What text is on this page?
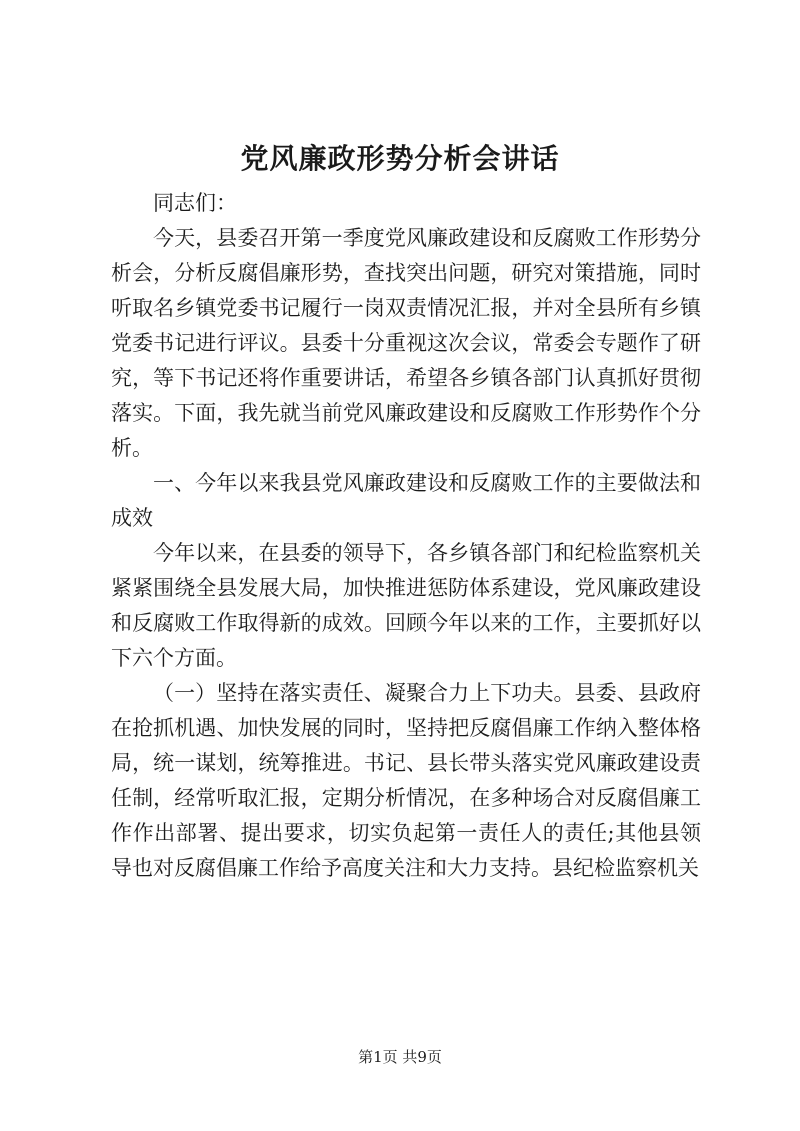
党风廉政形势分析会讲话

同志们：

今天，县委召开第一季度党风廉政建设和反腐败工作形势分析会，分析反腐倡廉形势，查找突出问题，研究对策措施，同时听取名乡镇党委书记履行一岗双责情况汇报，并对全县所有乡镇党委书记进行评议。县委十分重视这次会议，常委会专题作了研究，等下书记还将作重要讲话，希望各乡镇各部门认真抓好贯彻落实。下面，我先就当前党风廉政建设和反腐败工作形势作个分析。

一、今年以来我县党风廉政建设和反腐败工作的主要做法和成效

今年以来，在县委的领导下，各乡镇各部门和纪检监察机关紧紧围绕全县发展大局，加快推进惩防体系建设，党风廉政建设和反腐败工作取得新的成效。回顾今年以来的工作，主要抓好以下六个方面。

（一）坚持在落实责任、凝聚合力上下功夫。县委、县政府在抢抓机遇、加快发展的同时，坚持把反腐倡廉工作纳入整体格局，统一谋划，统筹推进。书记、县长带头落实党风廉政建设责任制，经常听取汇报，定期分析情况，在多种场合对反腐倡廉工作作出部署、提出要求，切实负起第一责任人的责任;其他县领导也对反腐倡廉工作给予高度关注和大力支持。县纪检监察机关

第1页 共9页
